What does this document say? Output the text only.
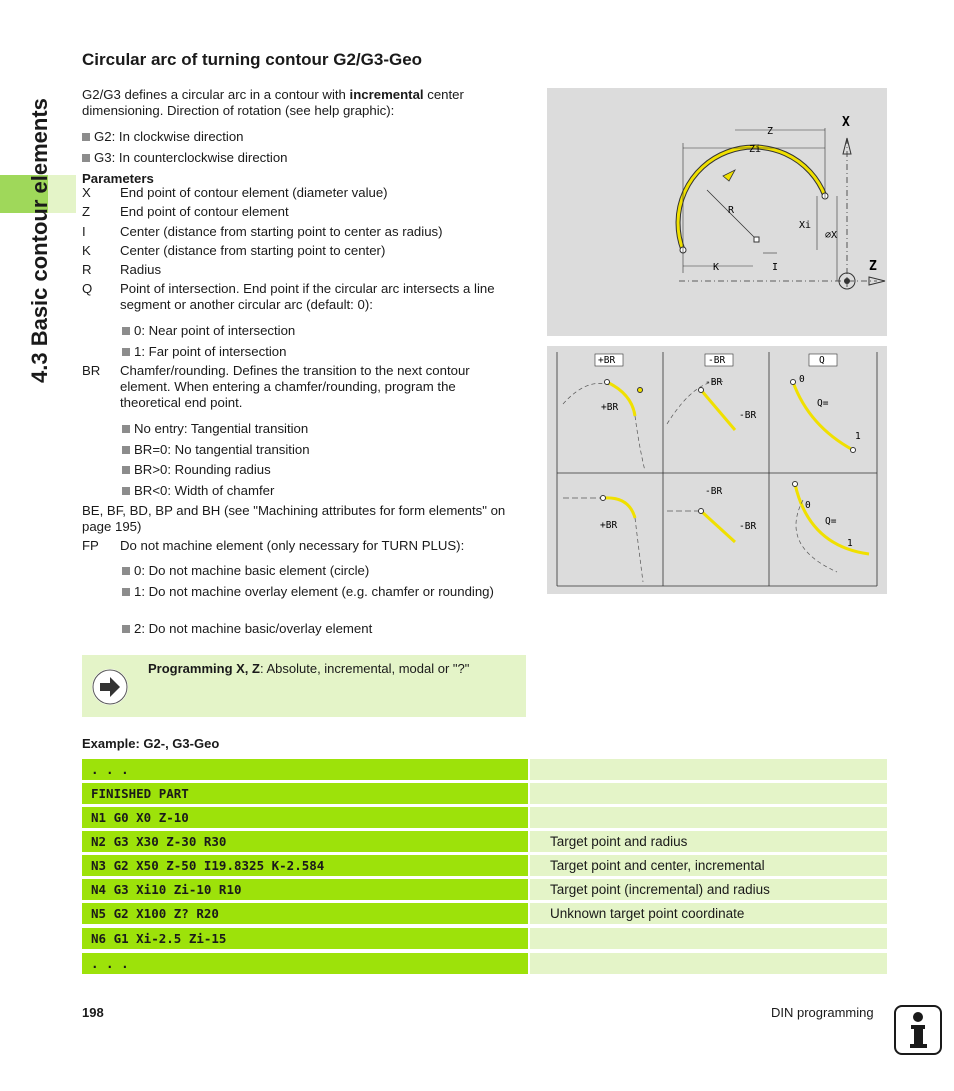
4.3 Basic contour elements
Circular arc of turning contour G2/G3-Geo
G2/G3 defines a circular arc in a contour with incremental center
dimensioning. Direction of rotation (see help graphic):
G2: In clockwise direction
G3: In counterclockwise direction
Parameters
X	End point of contour element (diameter value)
Z	End point of contour element
I	Center (distance from starting point to center as radius)
K	Center (distance from starting point to center)
R	Radius
Q	Point of intersection. End point if the circular arc intersects a line segment or another circular arc (default: 0):
0: Near point of intersection
1: Far point of intersection
BR	Chamfer/rounding. Defines the transition to the next contour element. When entering a chamfer/rounding, program the theoretical end point.
No entry: Tangential transition
BR=0: No tangential transition
BR>0: Rounding radius
BR<0: Width of chamfer
BE, BF, BD, BP and BH (see "Machining attributes for form elements" on page 195)
FP	Do not machine element (only necessary for TURN PLUS):
0: Do not machine basic element (circle)
1: Do not machine overlay element (e.g. chamfer or rounding)
2: Do not machine basic/overlay element
X
Z
R
Z
Zi
K	I
Xi
⌀X
+BR	-BR	Q
+BR
-BR
-BR
0
Q=
1
+BR
-BR
-BR
0
Q=
1
Programming X, Z: Absolute, incremental, modal or "?"
Example: G2-, G3-Geo
. . .
FINISHED PART
N1 G0 X0 Z-10
N2 G3 X30 Z-30 R30	Target point and radius
N3 G2 X50 Z-50 I19.8325 K-2.584	Target point and center, incremental
N4 G3 Xi10 Zi-10 R10	Target point (incremental) and radius
N5 G2 X100 Z? R20	Unknown target point coordinate
N6 G1 Xi-2.5 Zi-15
. . .
198	DIN programming
